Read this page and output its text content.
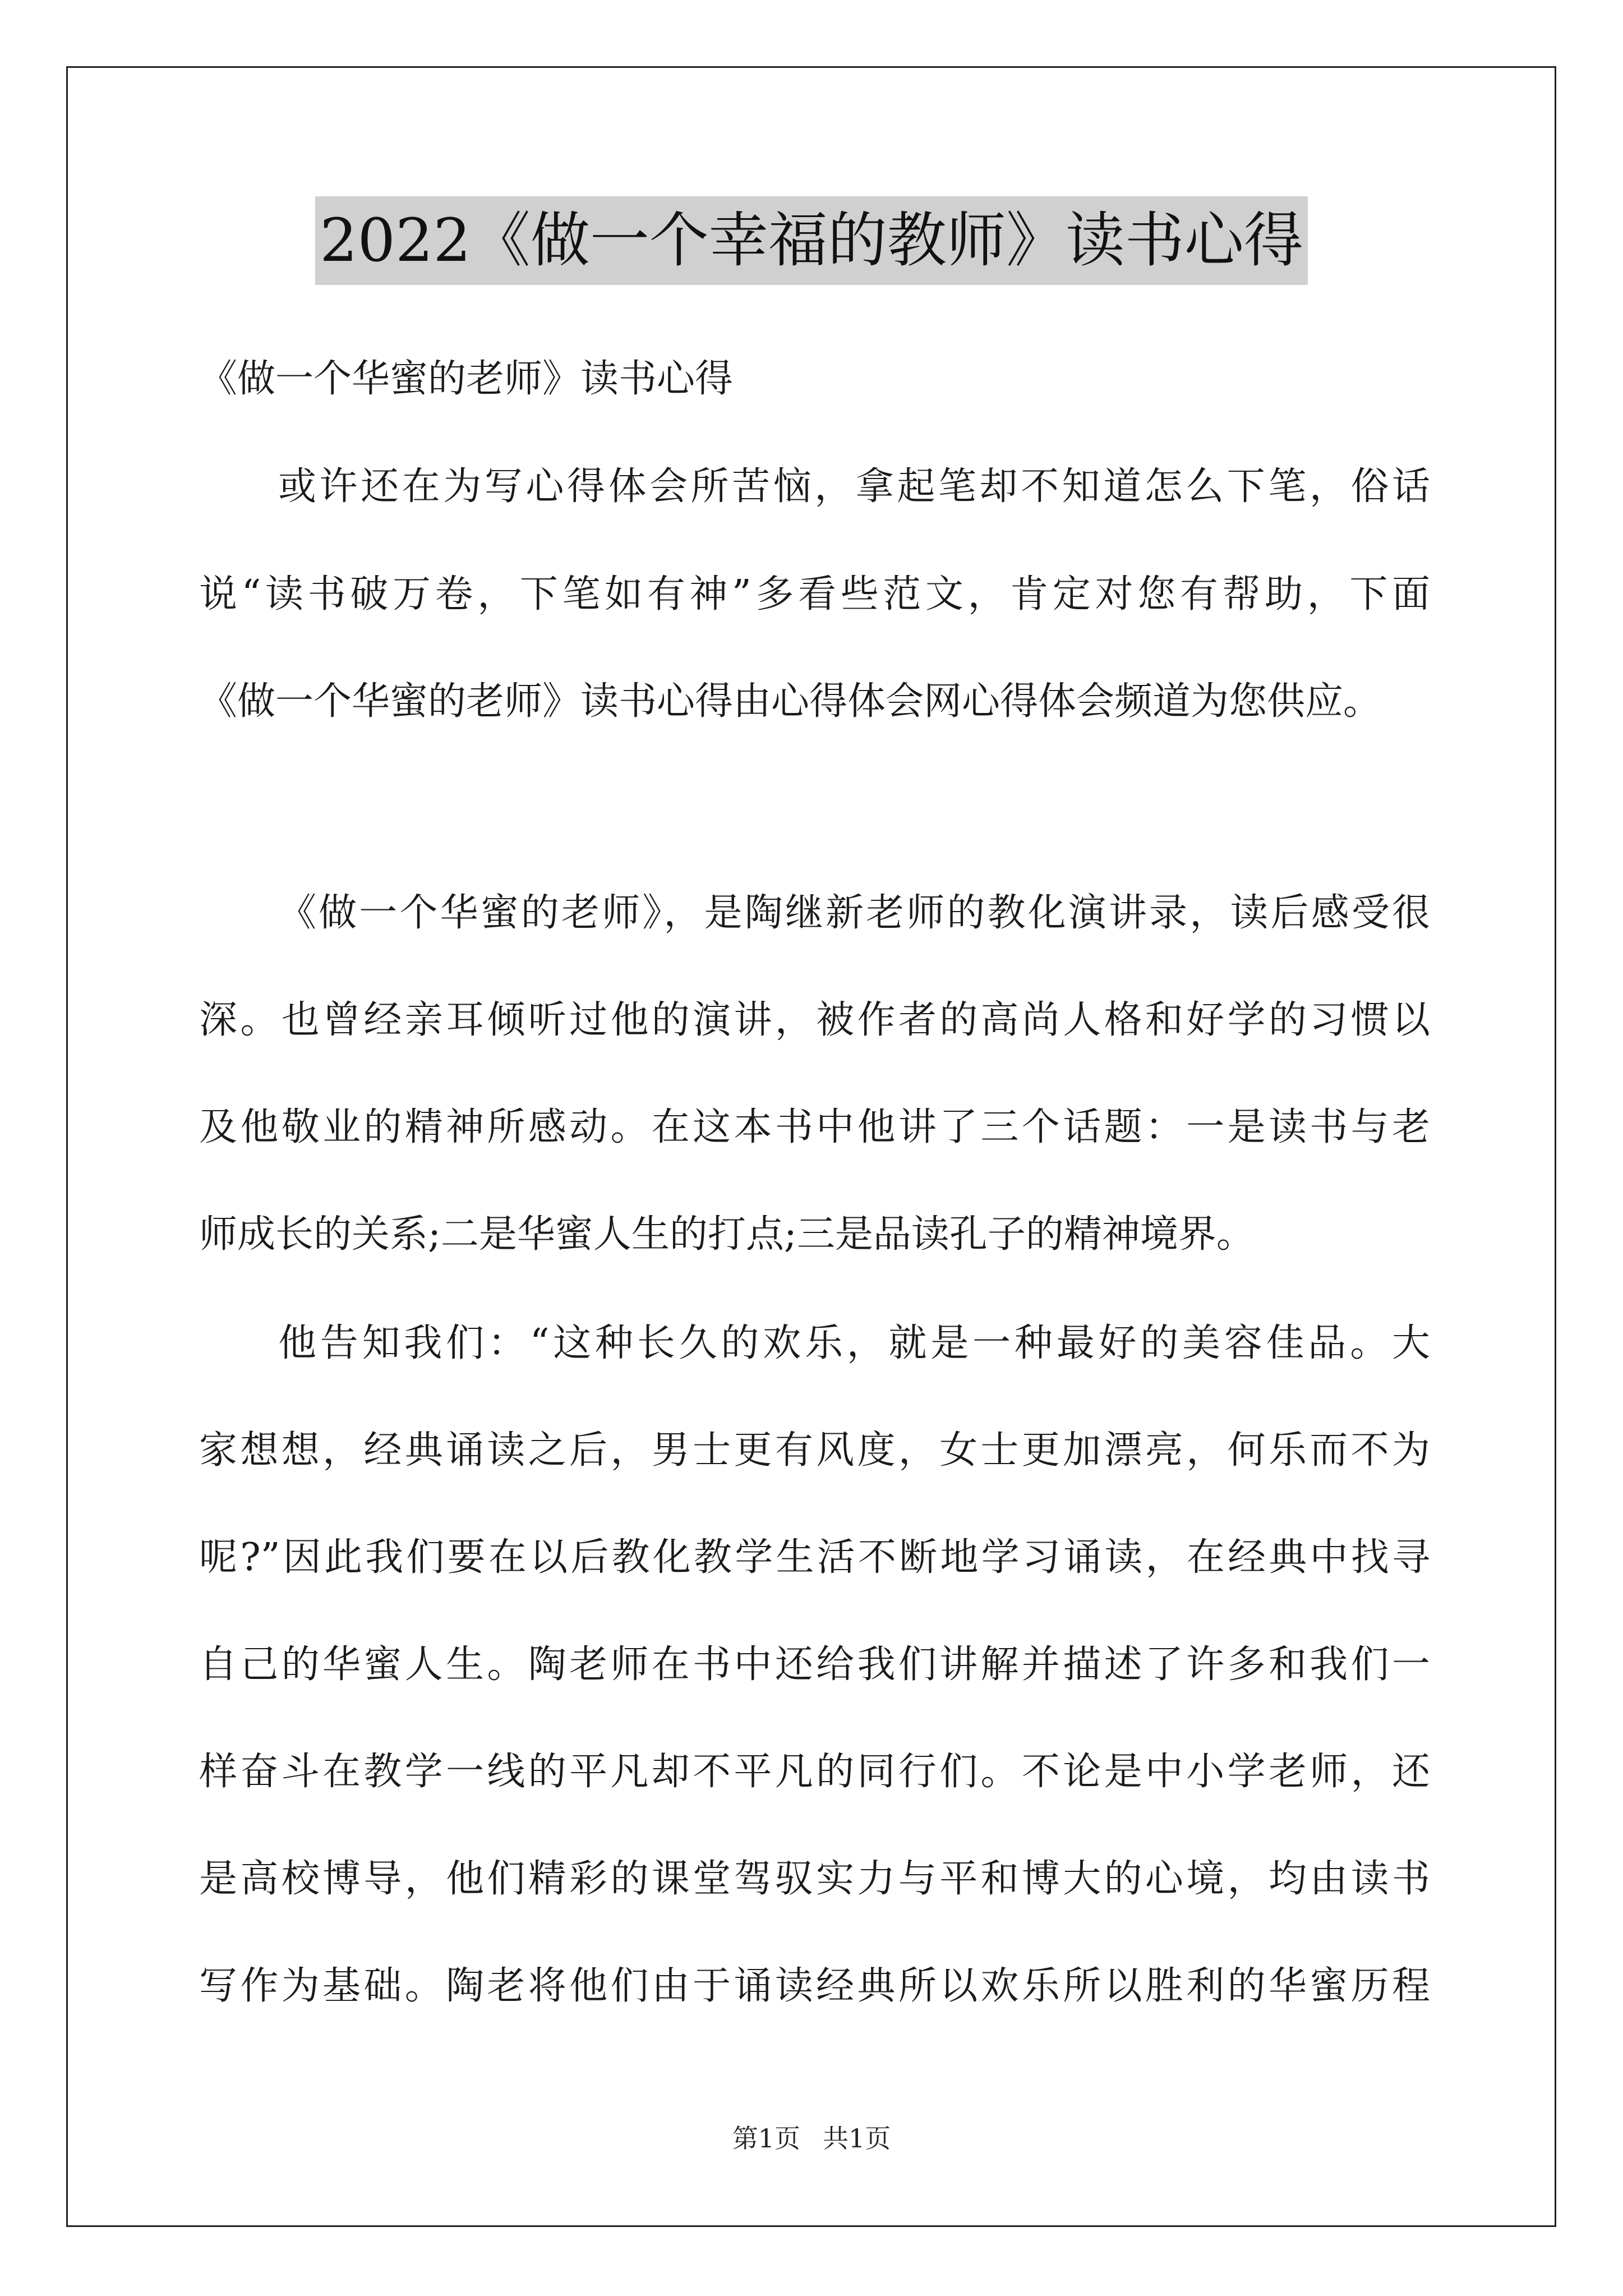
2022《做一个幸福的教师》读书心得
《做一个华蜜的老师》读书心得
或许还在为写心得体会所苦恼，拿起笔却不知道怎么下笔，俗话
说“读书破万卷，下笔如有神”多看些范文，肯定对您有帮助，下面
《做一个华蜜的老师》读书心得由心得体会网心得体会频道为您供应。
《做一个华蜜的老师》，是陶继新老师的教化演讲录，读后感受很
深。也曾经亲耳倾听过他的演讲，被作者的高尚人格和好学的习惯以
及他敬业的精神所感动。在这本书中他讲了三个话题：一是读书与老
师成长的关系;二是华蜜人生的打点;三是品读孔子的精神境界。
他告知我们：“这种长久的欢乐，就是一种最好的美容佳品。大
家想想，经典诵读之后，男士更有风度，女士更加漂亮，何乐而不为
呢?”因此我们要在以后教化教学生活不断地学习诵读，在经典中找寻
自己的华蜜人生。陶老师在书中还给我们讲解并描述了许多和我们一
样奋斗在教学一线的平凡却不平凡的同行们。不论是中小学老师，还
是高校博导，他们精彩的课堂驾驭实力与平和博大的心境，均由读书
写作为基础。陶老将他们由于诵读经典所以欢乐所以胜利的华蜜历程
第1页 共1页
